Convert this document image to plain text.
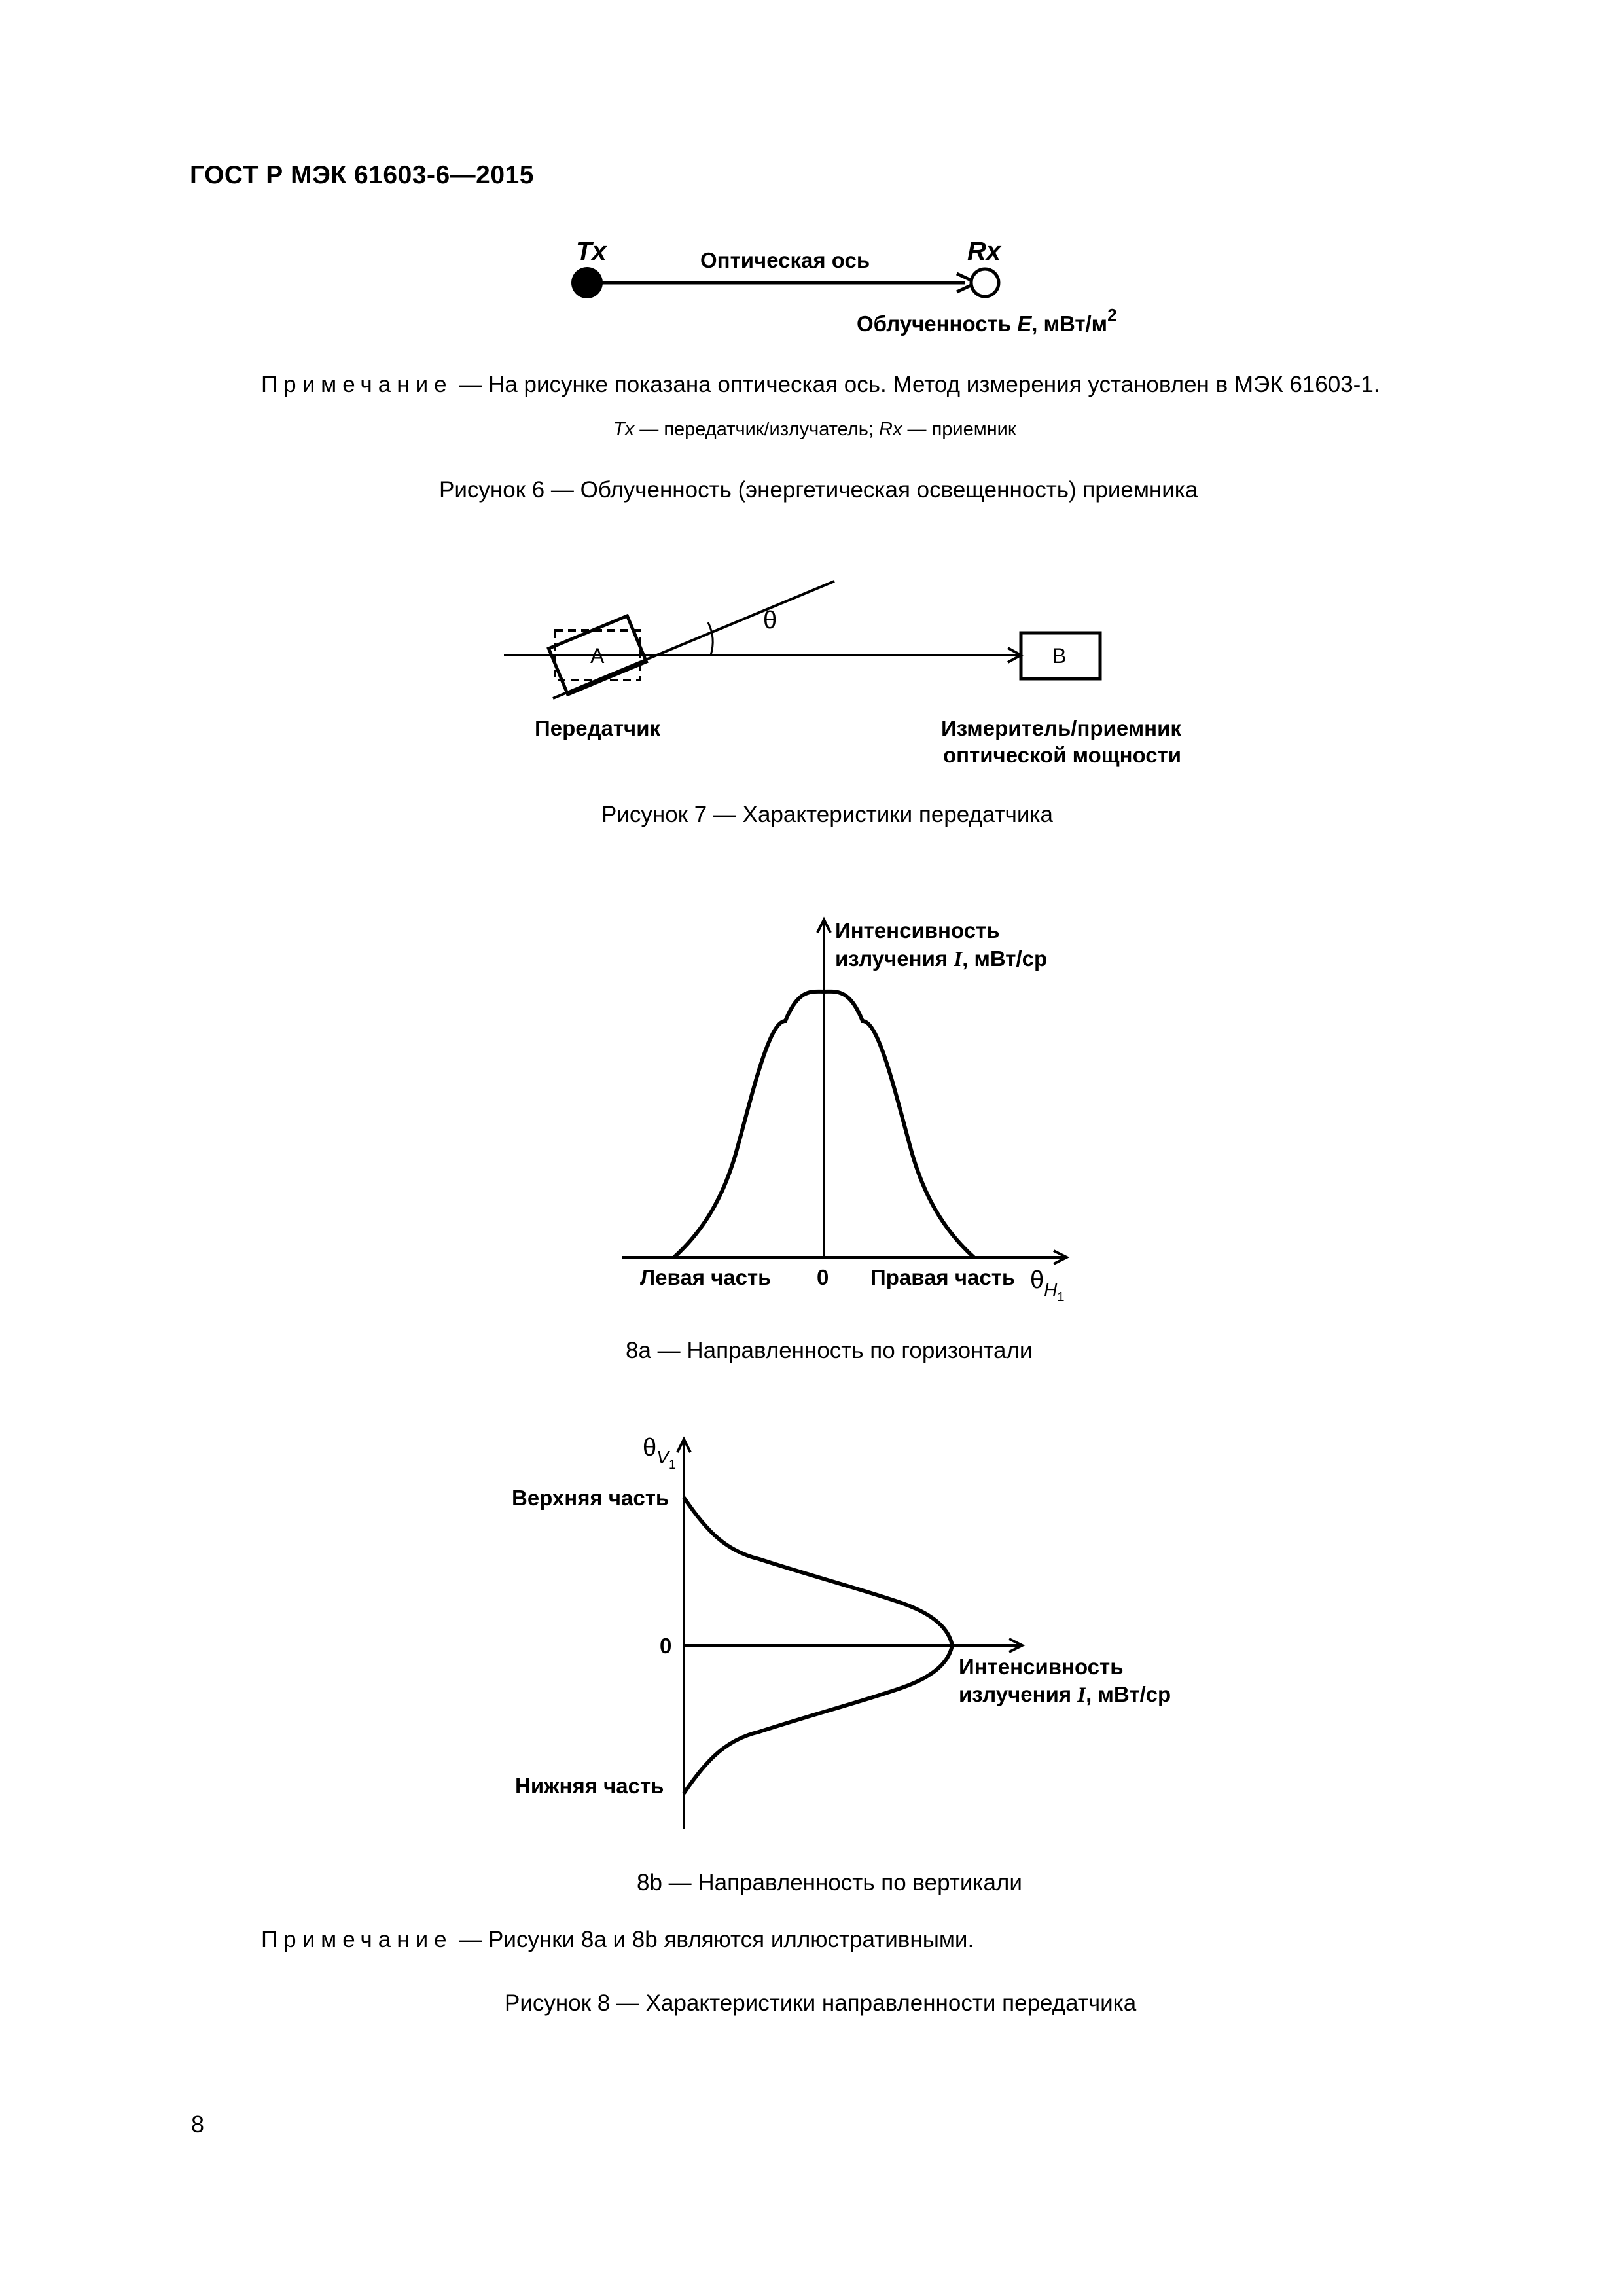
ГОСТ Р МЭК 61603-6—2015
Tx	Rx
Оптическая ось
Облученность E, мВт/$м^2$
Примечание — На рисунке показана оптическая ось. Метод измерения установлен в МЭК 61603-1.
Tx — передатчик/излучатель; Rx — приемник
Рисунок 6 — Облученность (энергетическая освещенность) приемника
A	B
θ
Передатчик	Измеритель/приемник
оптической мощности
Рисунок 7 — Характеристики передатчика
Интенсивность
излучения I, мВт/ср
Левая часть 0 Правая часть $\theta_{H1}$
8а — Направленность по горизонтали
$\theta_{V1}$
Верхняя часть
0
Нижняя часть
Интенсивность
излучения I, мВт/ср
8b — Направленность по вертикали
Примечание — Рисунки 8а и 8b являются иллюстративными.
Рисунок 8 — Характеристики направленности передатчика
8
